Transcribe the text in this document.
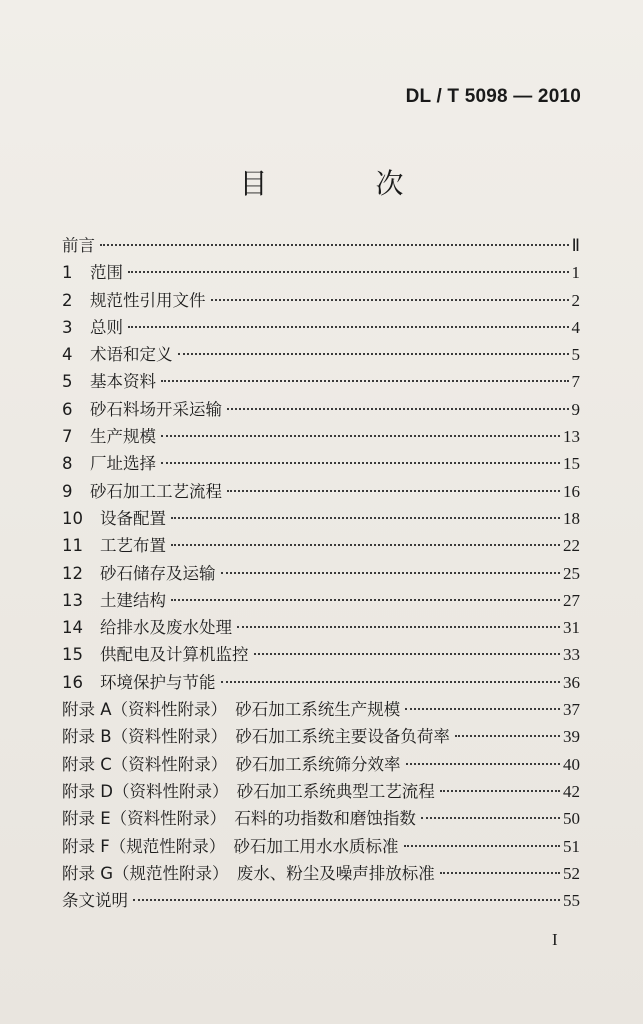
DL / T 5098 — 2010
目　次
前言	Ⅱ
1	范围	1
2	规范性引用文件	2
3	总则	4
4	术语和定义	5
5	基本资料	7
6	砂石料场开采运输	9
7	生产规模	13
8	厂址选择	15
9	砂石加工工艺流程	16
10	设备配置	18
11	工艺布置	22
12	砂石储存及运输	25
13	土建结构	27
14	给排水及废水处理	31
15	供配电及计算机监控	33
16	环境保护与节能	36
附录 A（资料性附录）　砂石加工系统生产规模	37
附录 B（资料性附录）　砂石加工系统主要设备负荷率	39
附录 C（资料性附录）　砂石加工系统筛分效率	40
附录 D（资料性附录）　砂石加工系统典型工艺流程	42
附录 E（资料性附录）　石料的功指数和磨蚀指数	50
附录 F（规范性附录）　砂石加工用水水质标准	51
附录 G（规范性附录）　废水、粉尘及噪声排放标准	52
条文说明	55
I
